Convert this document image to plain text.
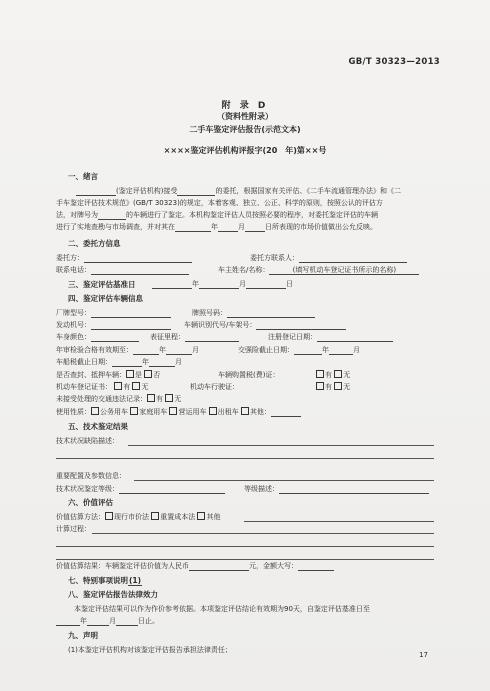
GB/T 30323—2013
附 录 D
（资料性附录）
二手车鉴定评估报告(示范文本)
××××鉴定评估机构评报字(20　年)第××号
一、绪言
(鉴定评估机构)接受	的委托，根据国家有关评估、《二手车流通管理办法》和《二
手车鉴定评估技术规范》(GB/T 30323)的规定，本着客观、独立、公正、科学的原则，按照公认的评估方
法，对牌号为	的车辆进行了鉴定。本机构鉴定评估人员按照必要的程序，对委托鉴定评估的车辆
进行了实地查勘与市场调查，并对其在	年	月	日所表现的市场价值做出公允反映。
二、委托方信息
委托方：	委托方联系人：
联系电话：	车主姓名/名称：	(填写机动车登记证书所示的名称)
三、鉴定评估基准日	年	月	日
四、鉴定评估车辆信息
厂牌型号：	牌照号码：
发动机号：	车辆识别代号/车架号：
车身颜色：	表征里程：	注册登记日期：
年审检验合格有效期至：	年	月	交强险截止日期：	年	月
车船税截止日期：	年	月
是否查封、抵押车辆： 是 否	车辆购置税(费)证：	有 无
机动车登记证书： 有 无	机动车行驶证：	有 无
未接受处理的交通违法记录： 有 无
使用性质： 公务用车 家庭用车 营运用车 出租车 其他：
五、技术鉴定结果
技术状况缺陷描述：
重要配置及参数信息：
技术状况鉴定等级：	等级描述：
六、价值评估
价值估算方法： 现行市价法 重置成本法 其他
计算过程：
价值估算结果：车辆鉴定评估价值为人民币	元，金额大写：
七、特别事项说明(1)
八、鉴定评估报告法律效力
本鉴定评估结果可以作为作价参考依据。本项鉴定评估结论有效期为90天，自鉴定评估基准日至
年	月	日止。
九、声明
(1)本鉴定评估机构对该鉴定评估报告承担法律责任；
17
